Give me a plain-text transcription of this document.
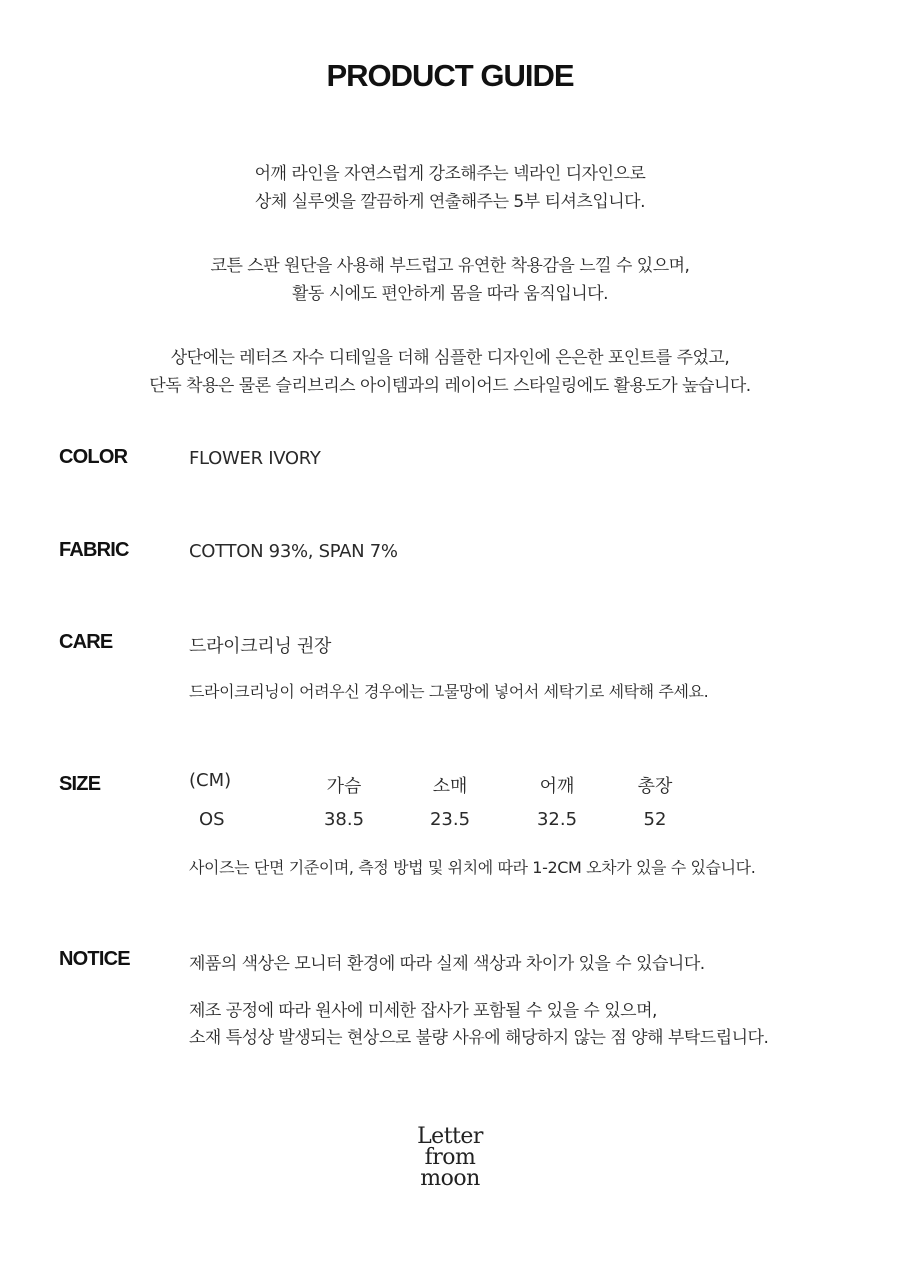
PRODUCT GUIDE

어깨 라인을 자연스럽게 강조해주는 넥라인 디자인으로
상체 실루엣을 깔끔하게 연출해주는 5부 티셔츠입니다.

코튼 스판 원단을 사용해 부드럽고 유연한 착용감을 느낄 수 있으며,
활동 시에도 편안하게 몸을 따라 움직입니다.

상단에는 레터즈 자수 디테일을 더해 심플한 디자인에 은은한 포인트를 주었고,
단독 착용은 물론 슬리브리스 아이템과의 레이어드 스타일링에도 활용도가 높습니다.

COLOR	FLOWER IVORY
FABRIC	COTTON 93%, SPAN 7%
CARE	드라이크리닝 권장
드라이크리닝이 어려우신 경우에는 그물망에 넣어서 세탁기로 세탁해 주세요.
SIZE	(CM)	가슴	소매	어깨	총장
OS	38.5	23.5	32.5	52
사이즈는 단면 기준이며, 측정 방법 및 위치에 따라 1-2CM 오차가 있을 수 있습니다.
NOTICE	제품의 색상은 모니터 환경에 따라 실제 색상과 차이가 있을 수 있습니다.
제조 공정에 따라 원사에 미세한 잡사가 포함될 수 있을 수 있으며,
소재 특성상 발생되는 현상으로 불량 사유에 해당하지 않는 점 양해 부탁드립니다.
Letter
from
moon
